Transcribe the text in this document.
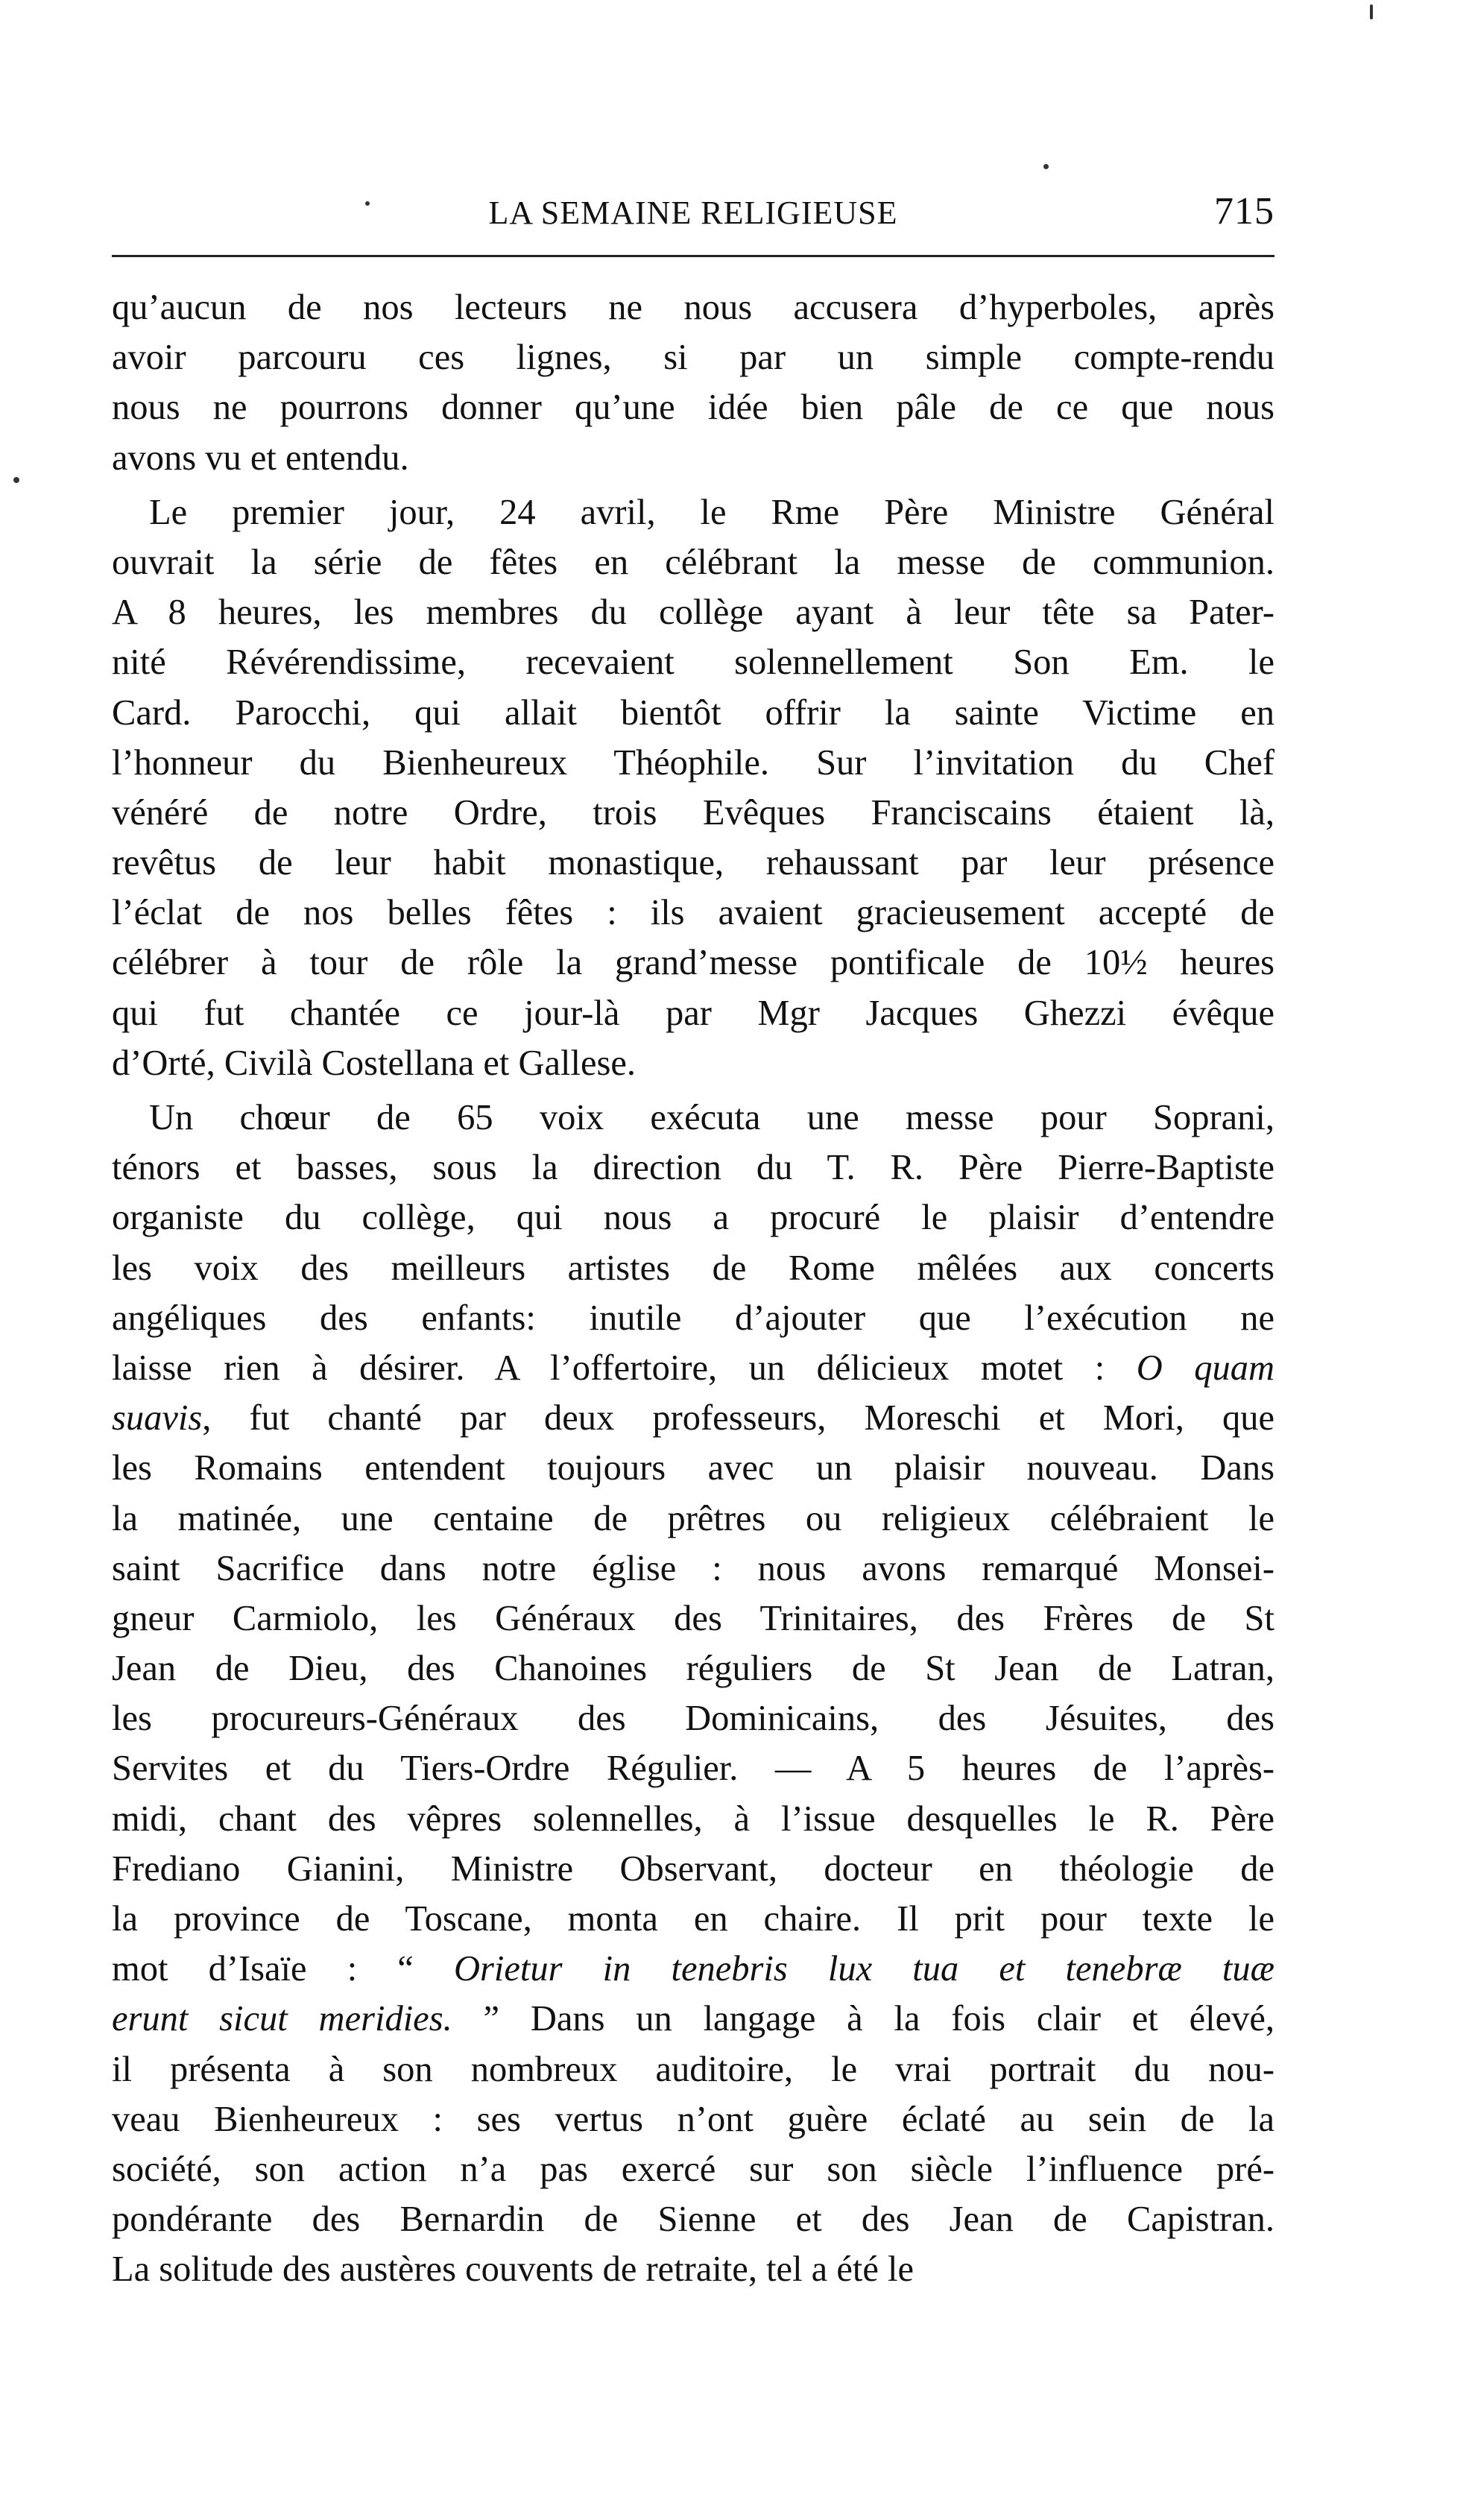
LA SEMAINE RELIGIEUSE	715
qu’aucun de nos lecteurs ne nous accusera d’hyperboles, après
avoir parcouru ces lignes, si par un simple compte-rendu
nous ne pourrons donner qu’une idée bien pâle de ce que nous
avons vu et entendu.
Le premier jour, 24 avril, le Rme Père Ministre Général
ouvrait la série de fêtes en célébrant la messe de communion.
A 8 heures, les membres du collège ayant à leur tête sa Pater-
nité Révérendissime, recevaient solennellement Son Em. le
Card. Parocchi, qui allait bientôt offrir la sainte Victime en
l’honneur du Bienheureux Théophile. Sur l’invitation du Chef
vénéré de notre Ordre, trois Evêques Franciscains étaient là,
revêtus de leur habit monastique, rehaussant par leur présence
l’éclat de nos belles fêtes : ils avaient gracieusement accepté de
célébrer à tour de rôle la grand’messe pontificale de 10½ heures
qui fut chantée ce jour-là par Mgr Jacques Ghezzi évêque
d’Orté, Civilà Costellana et Gallese.
Un chœur de 65 voix exécuta une messe pour Soprani,
ténors et basses, sous la direction du T. R. Père Pierre-Baptiste
organiste du collège, qui nous a procuré le plaisir d’entendre
les voix des meilleurs artistes de Rome mêlées aux concerts
angéliques des enfants: inutile d’ajouter que l’exécution ne
laisse rien à désirer. A l’offertoire, un délicieux motet : O quam
suavis, fut chanté par deux professeurs, Moreschi et Mori, que
les Romains entendent toujours avec un plaisir nouveau. Dans
la matinée, une centaine de prêtres ou religieux célébraient le
saint Sacrifice dans notre église : nous avons remarqué Monsei-
gneur Carmiolo, les Généraux des Trinitaires, des Frères de St
Jean de Dieu, des Chanoines réguliers de St Jean de Latran,
les procureurs-Généraux des Dominicains, des Jésuites, des
Servites et du Tiers-Ordre Régulier. — A 5 heures de l’après-
midi, chant des vêpres solennelles, à l’issue desquelles le R. Père
Frediano Gianini, Ministre Observant, docteur en théologie de
la province de Toscane, monta en chaire. Il prit pour texte le
mot d’Isaïe : “ Orietur in tenebris lux tua et tenebræ tuæ
erunt sicut meridies. ” Dans un langage à la fois clair et élevé,
il présenta à son nombreux auditoire, le vrai portrait du nou-
veau Bienheureux : ses vertus n’ont guère éclaté au sein de la
société, son action n’a pas exercé sur son siècle l’influence pré-
pondérante des Bernardin de Sienne et des Jean de Capistran.
La solitude des austères couvents de retraite, tel a été le
